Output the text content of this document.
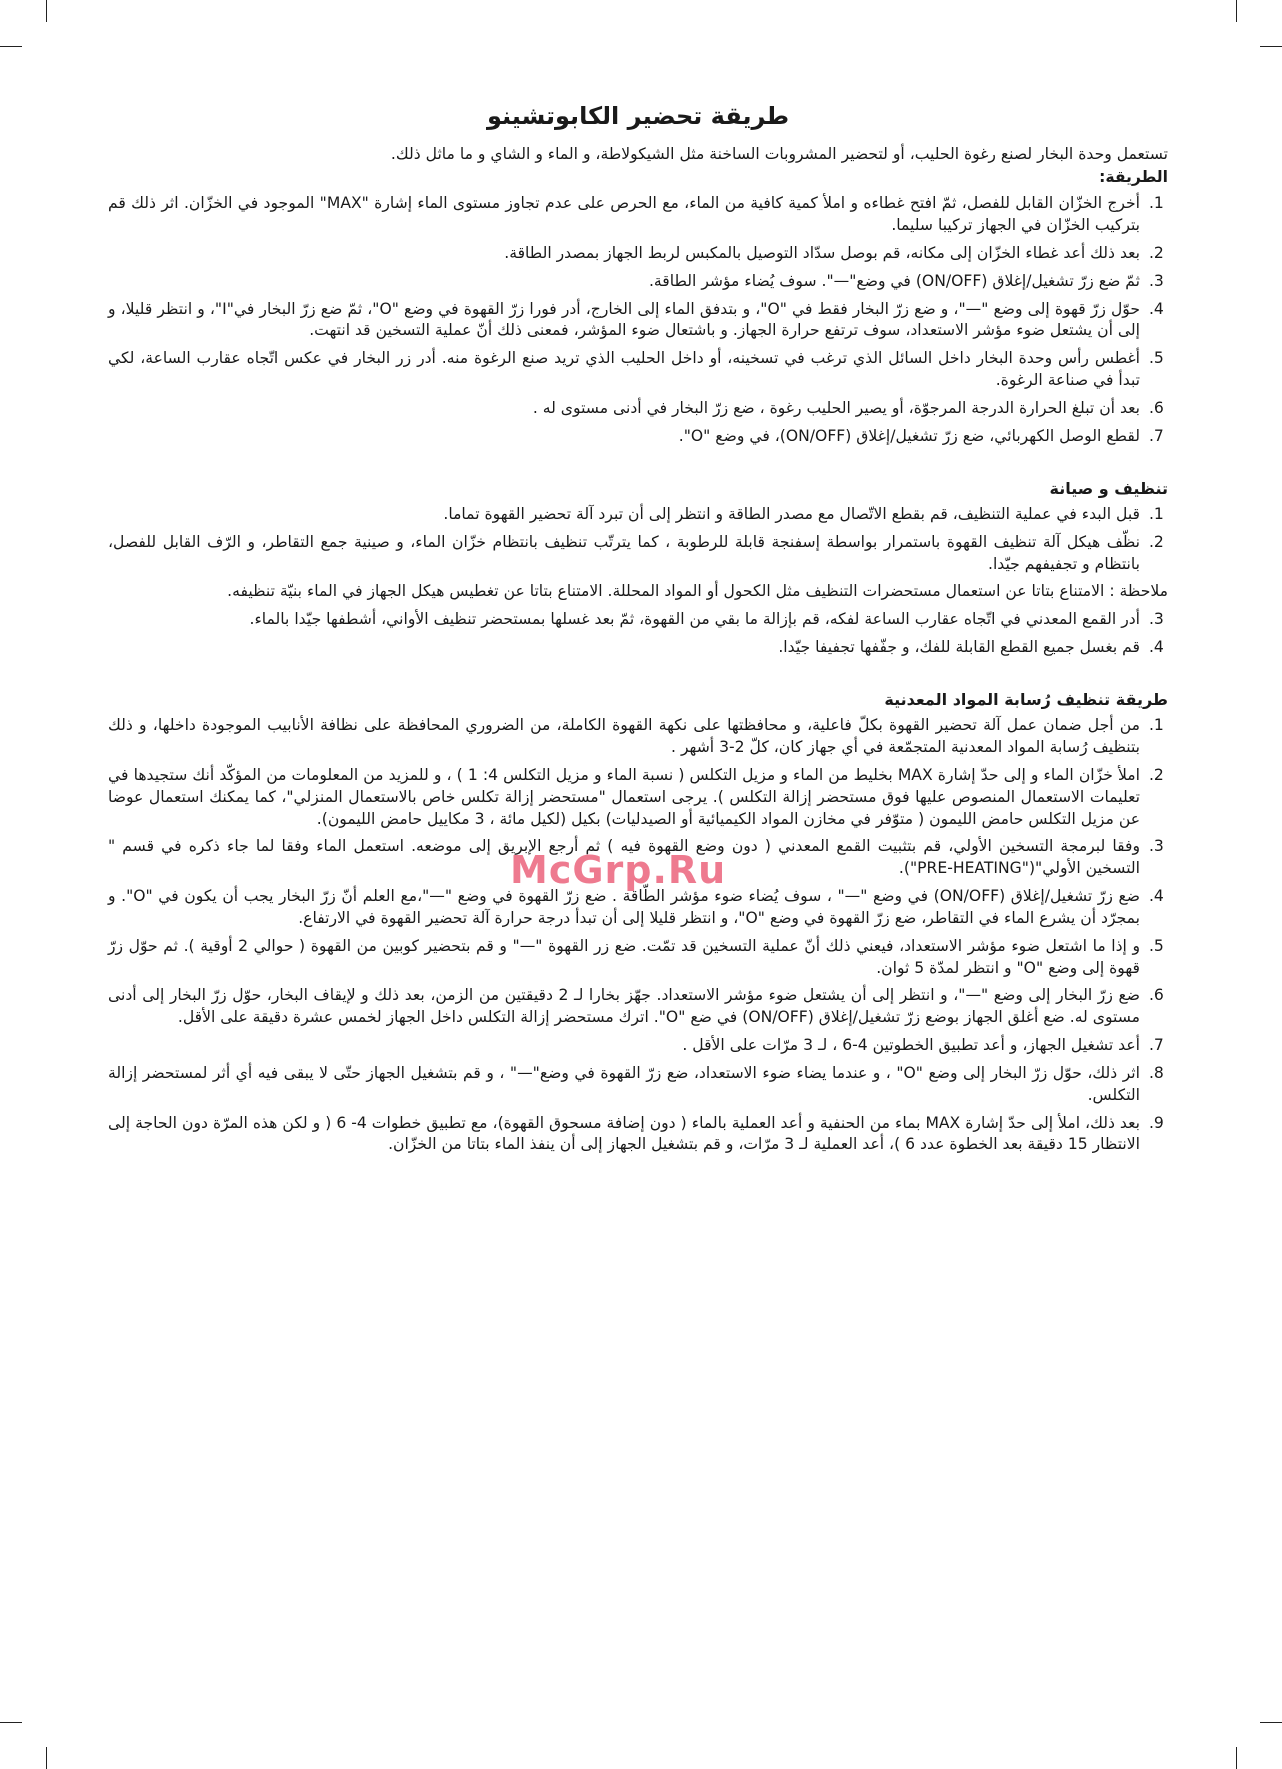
McGrp.Ru
طريقة تحضير الكابوتشينو

تستعمل وحدة البخار لصنع رغوة الحليب، أو لتحضير المشروبات الساخنة مثل الشيكولاطة، و الماء و الشاي و ما ماثل ذلك.

الطريقة:

1. أخرج الخزّان القابل للفصل، ثمّ افتح غطاءه و املأ كمية كافية من الماء، مع الحرص على عدم تجاوز مستوى الماء إشارة "MAX" الموجود في الخزّان. اثر ذلك قم بتركيب الخزّان في الجهاز تركيبا سليما.
2. بعد ذلك أعد غطاء الخزّان إلى مكانه، قم بوصل سدّاد التوصيل بالمكبس لربط الجهاز بمصدر الطاقة.
3. ثمّ ضع زرّ تشغيل/إغلاق (ON/OFF) في وضع"—". سوف يُضاء مؤشر الطاقة.
4. حوّل زرّ قهوة إلى وضع "—"، و ضع زرّ البخار فقط في "O"، و بتدفق الماء إلى الخارج، أدر فورا زرّ القهوة في وضع "O"، ثمّ ضع زرّ البخار في"I"، و انتظر قليلا، و إلى أن يشتعل ضوء مؤشر الاستعداد، سوف ترتفع حرارة الجهاز. و باشتعال ضوء المؤشر، فمعنى ذلك أنّ عملية التسخين قد انتهت.
5. أغطس رأس وحدة البخار داخل السائل الذي ترغب في تسخينه، أو داخل الحليب الذي تريد صنع الرغوة منه. أدر زر البخار في عكس اتّجاه عقارب الساعة، لكي تبدأ في صناعة الرغوة.
6. بعد أن تبلغ الحرارة الدرجة المرجوّة، أو يصير الحليب رغوة ، ضع زرّ البخار في أدنى مستوى له .
7. لقطع الوصل الكهربائي، ضع زرّ تشغيل/إغلاق (ON/OFF)، في وضع "O".
تنظيف و صيانة
1. قبل البدء في عملية التنظيف، قم بقطع الاتّصال مع مصدر الطاقة و انتظر إلى أن تبرد آلة تحضير القهوة تماما.
2. نظّف هيكل آلة تنظيف القهوة باستمرار بواسطة إسفنجة قابلة للرطوبة ، كما يترتّب تنظيف بانتظام خزّان الماء، و صينية جمع التقاطر، و الرّف القابل للفصل، بانتظام و تجفيفهم جيّدا.

ملاحظة : الامتناع بتاتا عن استعمال مستحضرات التنظيف مثل الكحول أو المواد المحللة. الامتناع بتاتا عن تغطيس هيكل الجهاز في الماء بنيّة تنظيفه.

3. أدر القمع المعدني في اتّجاه عقارب الساعة لفكه، قم بإزالة ما بقي من القهوة، ثمّ بعد غسلها بمستحضر تنظيف الأواني، أشطفها جيّدا بالماء.
4. قم بغسل جميع القطع القابلة للفك، و جفّفها تجفيفا جيّدا.
طريقة تنظيف رُسابة المواد المعدنية
1. من أجل ضمان عمل آلة تحضير القهوة بكلّ فاعلية، و محافظتها على نكهة القهوة الكاملة، من الضروري المحافظة على نظافة الأنابيب الموجودة داخلها، و ذلك بتنظيف رُسابة المواد المعدنية المتجمّعة في أي جهاز كان، كلّ 2-3 أشهر .
2. املأ خزّان الماء و إلى حدّ إشارة MAX بخليط من الماء و مزيل التكلس ( نسبة الماء و مزيل التكلس 4: 1 ) ، و للمزيد من المعلومات من المؤكّد أنك ستجيدها في تعليمات الاستعمال المنصوص عليها فوق مستحضر إزالة التكلس ). يرجى استعمال "مستحضر إزالة تكلس خاص بالاستعمال المنزلي"، كما يمكنك استعمال عوضا عن مزيل التكلس حامض الليمون ( متوّفر في مخازن المواد الكيميائية أو الصيدليات) بكيل (لكيل مائة ، 3 مكاييل حامض الليمون).
3. وفقا لبرمجة التسخين الأولي، قم بتثبيت القمع المعدني ( دون وضع القهوة فيه ) ثم أرجع الإبريق إلى موضعه. استعمل الماء وفقا لما جاء ذكره في قسم " التسخين الأولي"("PRE-HEATING").
4. ضع زرّ تشغيل/إغلاق (ON/OFF) في وضع "—" ، سوف يُضاء ضوء مؤشر الطّاقة . ضع زرّ القهوة في وضع "—"،مع العلم أنّ زرّ البخار يجب أن يكون في "O". و بمجرّد أن يشرع الماء في التقاطر، ضع زرّ القهوة في وضع "O"، و انتظر قليلا إلى أن تبدأ درجة حرارة آلة تحضير القهوة في الارتفاع.
5. و إذا ما اشتعل ضوء مؤشر الاستعداد، فيعني ذلك أنّ عملية التسخين قد تمّت. ضع زر القهوة "—" و قم بتحضير كوبين من القهوة ( حوالي 2 أوقية ). ثم حوّل زرّ قهوة إلى وضع "O" و انتظر لمدّة 5 ثوان.
6. ضع زرّ البخار إلى وضع "—"، و انتظر إلى أن يشتعل ضوء مؤشر الاستعداد. جهّز بخارا لـ 2 دقيقتين من الزمن، بعد ذلك و لإيقاف البخار، حوّل زرّ البخار إلى أدنى مستوى له. ضع أغلق الجهاز بوضع زرّ تشغيل/إغلاق (ON/OFF) في ضع "O". اترك مستحضر إزالة التكلس داخل الجهاز لخمس عشرة دقيقة على الأقل.
7. أعد تشغيل الجهاز، و أعد تطبيق الخطوتين 4-6 ، لـ 3 مرّات على الأقل .
8. اثر ذلك، حوّل زرّ البخار إلى وضع "O" ، و عندما يضاء ضوء الاستعداد، ضع زرّ القهوة في وضع"—" ، و قم بتشغيل الجهاز حتّى لا يبقى فيه أي أثر لمستحضر إزالة التكلس.
9. بعد ذلك، املأ إلى حدّ إشارة MAX بماء من الحنفية و أعد العملية بالماء ( دون إضافة مسحوق القهوة)، مع تطبيق خطوات 4- 6 ( و لكن هذه المرّة دون الحاجة إلى الانتظار 15 دقيقة بعد الخطوة عدد 6 )، أعد العملية لـ 3 مرّات، و قم بتشغيل الجهاز إلى أن ينفذ الماء بتاتا من الخزّان.
